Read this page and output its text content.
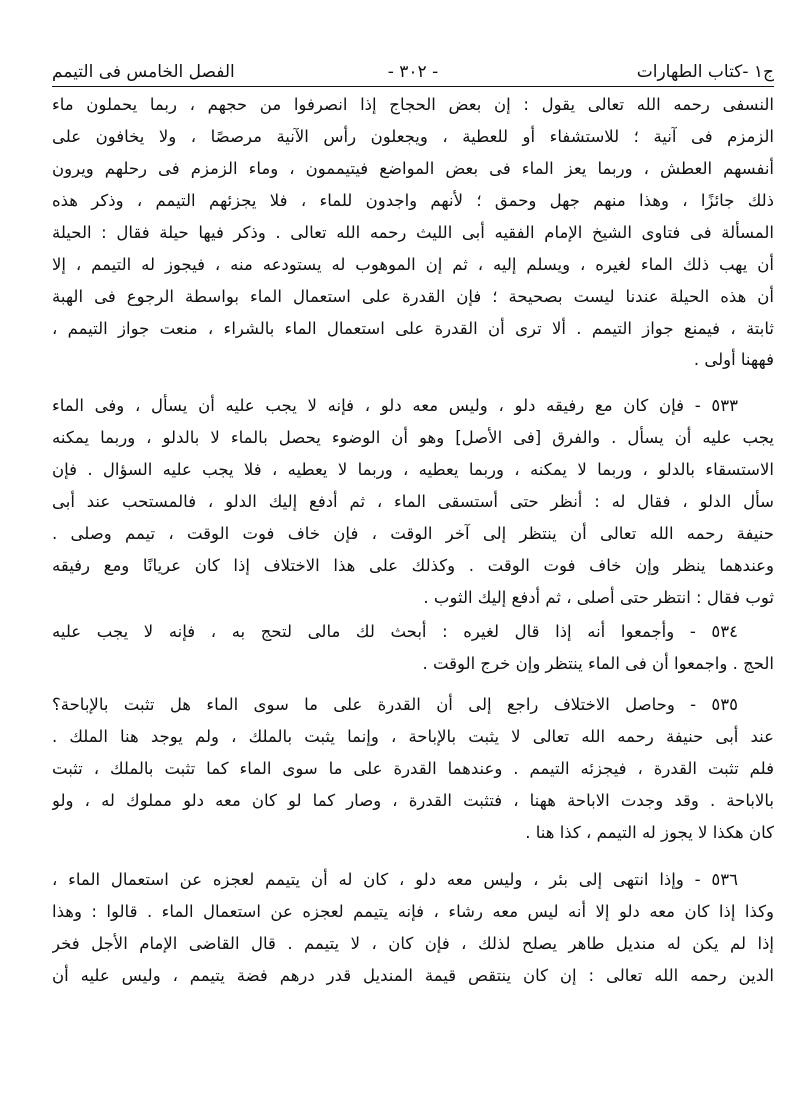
ج١ -كتاب الطهارات
- ٣٠٢ -
الفصل الخامس فى التيمم
النسفى رحمه الله تعالى يقول : إن بعض الحجاج إذا انصرفوا من حجهم ، ربما يحملون ماء
الزمزم فى آنية ؛ للاستشفاء أو للعطية ، ويجعلون رأس الآنية مرصصًا ، ولا يخافون على
أنفسهم العطش ، وربما يعز الماء فى بعض المواضع فيتيممون ، وماء الزمزم فى رحلهم ويرون
ذلك جائزًا ، وهذا منهم جهل وحمق ؛ لأنهم واجدون للماء ، فلا يجزئهم التيمم ، وذكر هذه
المسألة فى فتاوى الشيخ الإمام الفقيه أبى الليث رحمه الله تعالى . وذكر فيها حيلة فقال : الحيلة
أن يهب ذلك الماء لغيره ، ويسلم إليه ، ثم إن الموهوب له يستودعه منه ، فيجوز له التيمم ، إلا
أن هذه الحيلة عندنا ليست بصحيحة ؛ فإن القدرة على استعمال الماء بواسطة الرجوع فى الهبة
ثابتة ، فيمنع جواز التيمم . ألا ترى أن القدرة على استعمال الماء بالشراء ، منعت جواز التيمم ،
فههنا أولى .
٥٣٣ - فإن كان مع رفيقه دلو ، وليس معه دلو ، فإنه لا يجب عليه أن يسأل ، وفى الماء
يجب عليه أن يسأل . والفرق [فى الأصل] وهو أن الوضوء يحصل بالماء لا بالدلو ، وربما يمكنه
الاستسقاء بالدلو ، وربما لا يمكنه ، وربما يعطيه ، وربما لا يعطيه ، فلا يجب عليه السؤال . فإن
سأل الدلو ، فقال له : أنظر حتى أستسقى الماء ، ثم أدفع إليك الدلو ، فالمستحب عند أبى
حنيفة رحمه الله تعالى أن ينتظر إلى آخر الوقت ، فإن خاف فوت الوقت ، تيمم وصلى .
وعندهما ينظر وإن خاف فوت الوقت . وكذلك على هذا الاختلاف إذا كان عريانًا ومع رفيقه
ثوب فقال : انتظر حتى أصلى ، ثم أدفع إليك الثوب .
٥٣٤ - وأجمعوا أنه إذا قال لغيره : أبحث لك مالى لتحج به ، فإنه لا يجب عليه
الحج . واجمعوا أن فى الماء ينتظر وإن خرج الوقت .
٥٣٥ - وحاصل الاختلاف راجع إلى أن القدرة على ما سوى الماء هل تثبت بالإباحة؟
عند أبى حنيفة رحمه الله تعالى لا يثبت بالإباحة ، وإنما يثبت بالملك ، ولم يوجد هنا الملك .
فلم تثبت القدرة ، فيجزئه التيمم . وعندهما القدرة على ما سوى الماء كما تثبت بالملك ، تثبت
بالاباحة . وقد وجدت الاباحة ههنا ، فتثبت القدرة ، وصار كما لو كان معه دلو مملوك له ، ولو
كان هكذا لا يجوز له التيمم ، كذا هنا .
٥٣٦ - وإذا انتهى إلى بئر ، وليس معه دلو ، كان له أن يتيمم لعجزه عن استعمال الماء ،
وكذا إذا كان معه دلو إلا أنه ليس معه رشاء ، فإنه يتيمم لعجزه عن استعمال الماء . قالوا : وهذا
إذا لم يكن له منديل طاهر يصلح لذلك ، فإن كان ، لا يتيمم . قال القاضى الإمام الأجل فخر
الدين رحمه الله تعالى : إن كان ينتقص قيمة المنديل قدر درهم فضة يتيمم ، وليس عليه أن
